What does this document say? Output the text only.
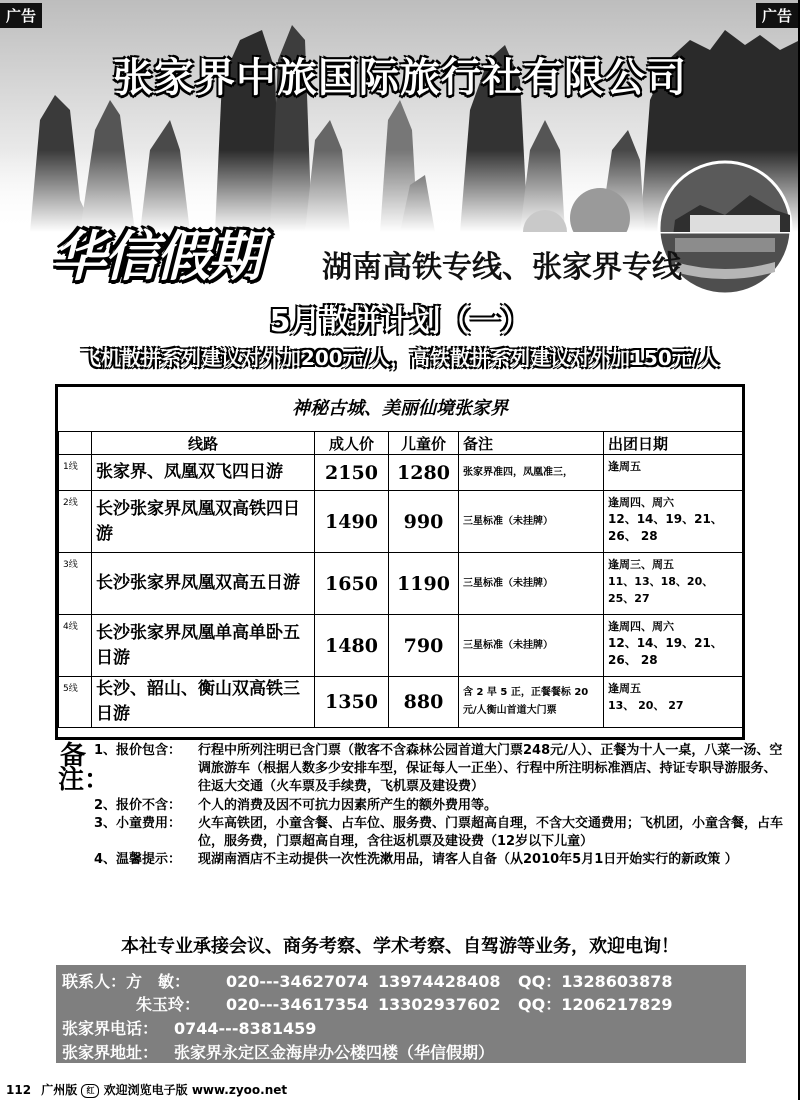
广告	广告
张家界中旅国际旅行社有限公司
华信假期 湖南高铁专线、张家界专线
5月散拼计划（一）
飞机散拼系列建议对外加200元/人，高铁散拼系列建议对外加150元/人
神秘古城、美丽仙境张家界
	线路	成人价	儿童价	备注	出团日期
1线	张家界、凤凰双飞四日游	2150	1280	张家界准四，凤凰准三，	逢周五

2线	长沙张家界凤凰双高铁四日游	1490	990	三星标准（未挂牌）	逢周四、周六
12、14、19、21、26、 28

3线	长沙张家界凤凰双高五日游	1650	1190	三星标准（未挂牌）	逢周三、周五
11、13、18、20、25、27

4线	长沙张家界凤凰单高单卧五日游	1480	790	三星标准（未挂牌）	逢周四、周六
12、14、19、21、26、 28

5线	长沙、韶山、衡山双高铁三日游	1350	880	含 2 早 5 正，正餐餐标 20元/人衡山首道大门票	逢周五
13、 20、 27
备注：
1、报价包含：	行程中所列注明已含门票（散客不含森林公园首道大门票248元/人）、正餐为十人一桌，八菜一汤、空 调旅游车（根据人数多少安排车型，保证每人一正坐）、行程中所注明标准酒店、持证专职导游服务、往返大交通（火车票及手续费，飞机票及建设费）
2、报价不含：	个人的消费及因不可抗力因素所产生的额外费用等。
3、小童费用：	火车高铁团，小童含餐、占车位、服务费、门票超高自理，不含大交通费用；飞机团，小童含餐，占车位，服务费，门票超高自理，含往返机票及建设费（12岁以下儿童）
4、温馨提示：	现湖南酒店不主动提供一次性洗漱用品，请客人自备（从2010年5月1日开始实行的新政策 ）
本社专业承接会议、商务考察、学术考察、自驾游等业务，欢迎电询！
联系人：方　敏： 020---34627074 13974428408 QQ：1328603878
朱玉玲： 020---34617354 13302937602 QQ：1206217829
张家界电话： 0744---8381459
张家界地址： 张家界永定区金海岸办公楼四楼（华信假期）
112 广州版 红 欢迎浏览电子版 www.zyoo.net
